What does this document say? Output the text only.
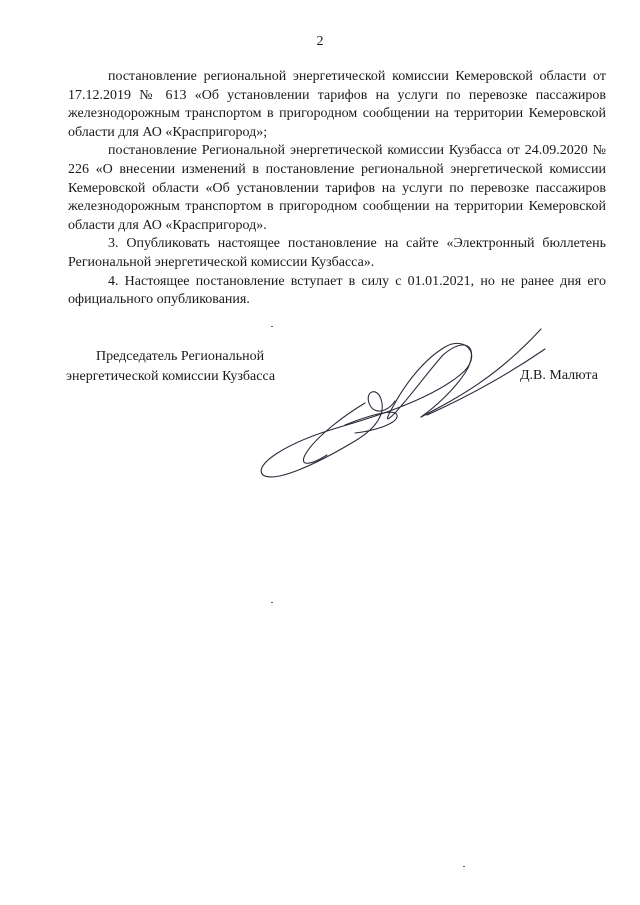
2

постановление региональной энергетической комиссии Кемеровской области от 17.12.2019 № 613 «Об установлении тарифов на услуги по перевозке пассажиров железнодорожным транспортом в пригородном сообщении на территории Кемеровской области для АО «Краспригород»;

постановление Региональной энергетической комиссии Кузбасса от 24.09.2020 № 226 «О внесении изменений в постановление региональной энергетической комиссии Кемеровской области «Об установлении тарифов на услуги по перевозке пассажиров железнодорожным транспортом в пригородном сообщении на территории Кемеровской области для АО «Краспригород».

3. Опубликовать настоящее постановление на сайте «Электронный бюллетень Региональной энергетической комиссии Кузбасса».

4. Настоящее постановление вступает в силу с 01.01.2021, но не ранее дня его официального опубликования.

Председатель Региональной
энергетической комиссии Кузбасса	Д.В. Малюта
